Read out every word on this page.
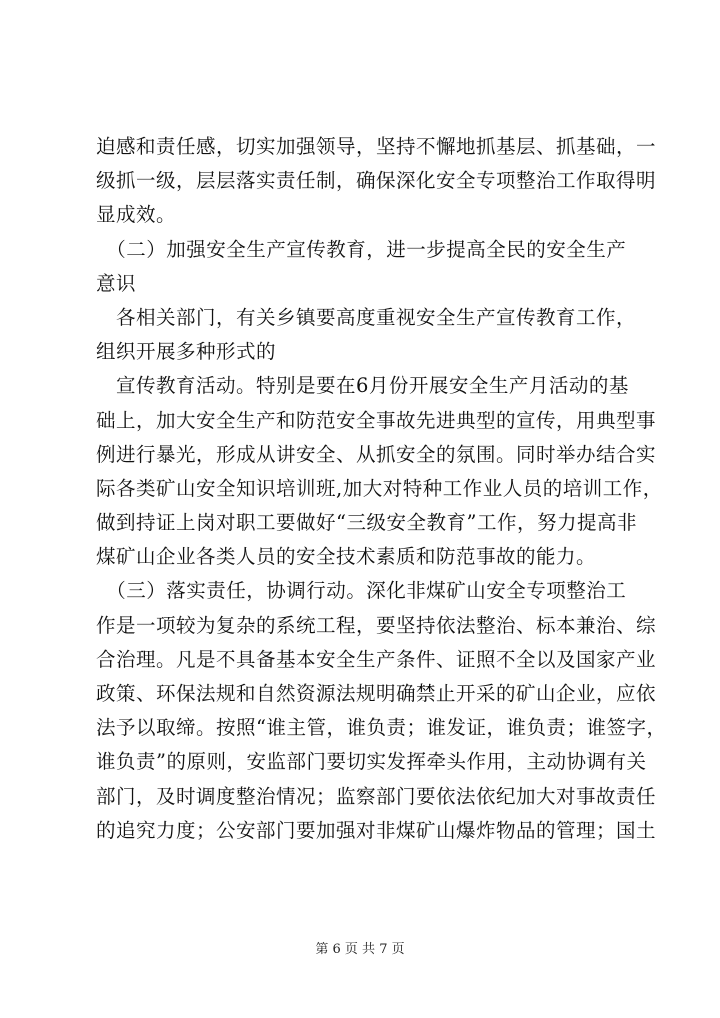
迫感和责任感，切实加强领导，坚持不懈地抓基层、抓基础，一
级抓一级，层层落实责任制，确保深化安全专项整治工作取得明
显成效。
　（二）加强安全生产宣传教育，进一步提高全民的安全生产
意识
　各相关部门，有关乡镇要高度重视安全生产宣传教育工作，
组织开展多种形式的
　宣传教育活动。特别是要在6月份开展安全生产月活动的基
础上，加大安全生产和防范安全事故先进典型的宣传，用典型事
例进行暴光，形成从讲安全、从抓安全的氛围。同时举办结合实
际各类矿山安全知识培训班,加大对特种工作业人员的培训工作，
做到持证上岗对职工要做好“三级安全教育”工作，努力提高非
煤矿山企业各类人员的安全技术素质和防范事故的能力。
　（三）落实责任，协调行动。深化非煤矿山安全专项整治工
作是一项较为复杂的系统工程，要坚持依法整治、标本兼治、综
合治理。凡是不具备基本安全生产条件、证照不全以及国家产业
政策、环保法规和自然资源法规明确禁止开采的矿山企业，应依
法予以取缔。按照“谁主管，谁负责；谁发证，谁负责；谁签字，
谁负责”的原则，安监部门要切实发挥牵头作用，主动协调有关
部门，及时调度整治情况；监察部门要依法依纪加大对事故责任
的追究力度；公安部门要加强对非煤矿山爆炸物品的管理；国土
第 6 页 共 7 页
